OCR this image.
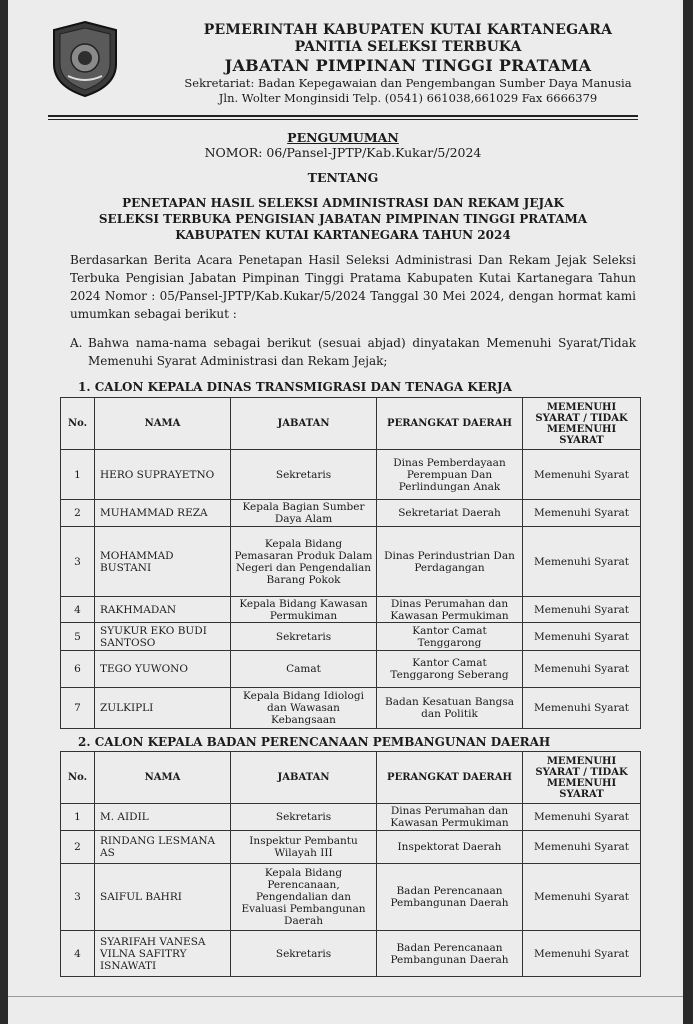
PEMERINTAH KABUPATEN KUTAI KARTANEGARA
PANITIA SELEKSI TERBUKA
JABATAN PIMPINAN TINGGI PRATAMA
Sekretariat: Badan Kepegawaian dan Pengembangan Sumber Daya Manusia
Jln. Wolter Monginsidi Telp. (0541) 661038,661029 Fax 6666379
PENGUMUMAN
NOMOR: 06/Pansel-JPTP/Kab.Kukar/5/2024
TENTANG
PENETAPAN HASIL SELEKSI ADMINISTRASI DAN REKAM JEJAK
SELEKSI TERBUKA PENGISIAN JABATAN PIMPINAN TINGGI PRATAMA
KABUPATEN KUTAI KARTANEGARA TAHUN 2024
Berdasarkan Berita Acara Penetapan Hasil Seleksi Administrasi Dan Rekam Jejak Seleksi Terbuka Pengisian Jabatan Pimpinan Tinggi Pratama Kabupaten Kutai Kartanegara Tahun 2024 Nomor : 05/Pansel-JPTP/Kab.Kukar/5/2024 Tanggal 30 Mei 2024, dengan hormat kami umumkan sebagai berikut :
A. Bahwa nama-nama sebagai berikut (sesuai abjad) dinyatakan Memenuhi Syarat/Tidak Memenuhi Syarat Administrasi dan Rekam Jejak;
1. CALON KEPALA DINAS TRANSMIGRASI DAN TENAGA KERJA
No.	NAMA	JABATAN	PERANGKAT DAERAH	MEMENUHI SYARAT / TIDAK MEMENUHI SYARAT
1	HERO SUPRAYETNO	Sekretaris	Dinas Pemberdayaan Perempuan Dan Perlindungan Anak	Memenuhi Syarat
2	MUHAMMAD REZA	Kepala Bagian Sumber Daya Alam	Sekretariat Daerah	Memenuhi Syarat
3	MOHAMMAD BUSTANI	Kepala Bidang Pemasaran Produk Dalam Negeri dan Pengendalian Barang Pokok	Dinas Perindustrian Dan Perdagangan	Memenuhi Syarat
4	RAKHMADAN	Kepala Bidang Kawasan Permukiman	Dinas Perumahan dan Kawasan Permukiman	Memenuhi Syarat
5	SYUKUR EKO BUDI SANTOSO	Sekretaris	Kantor Camat Tenggarong	Memenuhi Syarat
6	TEGO YUWONO	Camat	Kantor Camat Tenggarong Seberang	Memenuhi Syarat
7	ZULKIPLI	Kepala Bidang Idiologi dan Wawasan Kebangsaan	Badan Kesatuan Bangsa dan Politik	Memenuhi Syarat
2. CALON KEPALA BADAN PERENCANAAN PEMBANGUNAN DAERAH
No.	NAMA	JABATAN	PERANGKAT DAERAH	MEMENUHI SYARAT / TIDAK MEMENUHI SYARAT
1	M. AIDIL	Sekretaris	Dinas Perumahan dan Kawasan Permukiman	Memenuhi Syarat
2	RINDANG LESMANA AS	Inspektur Pembantu Wilayah III	Inspektorat Daerah	Memenuhi Syarat
3	SAIFUL BAHRI	Kepala Bidang Perencanaan, Pengendalian dan Evaluasi Pembangunan Daerah	Badan Perencanaan Pembangunan Daerah	Memenuhi Syarat
4	SYARIFAH VANESA VILNA SAFITRY ISNAWATI	Sekretaris	Badan Perencanaan Pembangunan Daerah	Memenuhi Syarat
